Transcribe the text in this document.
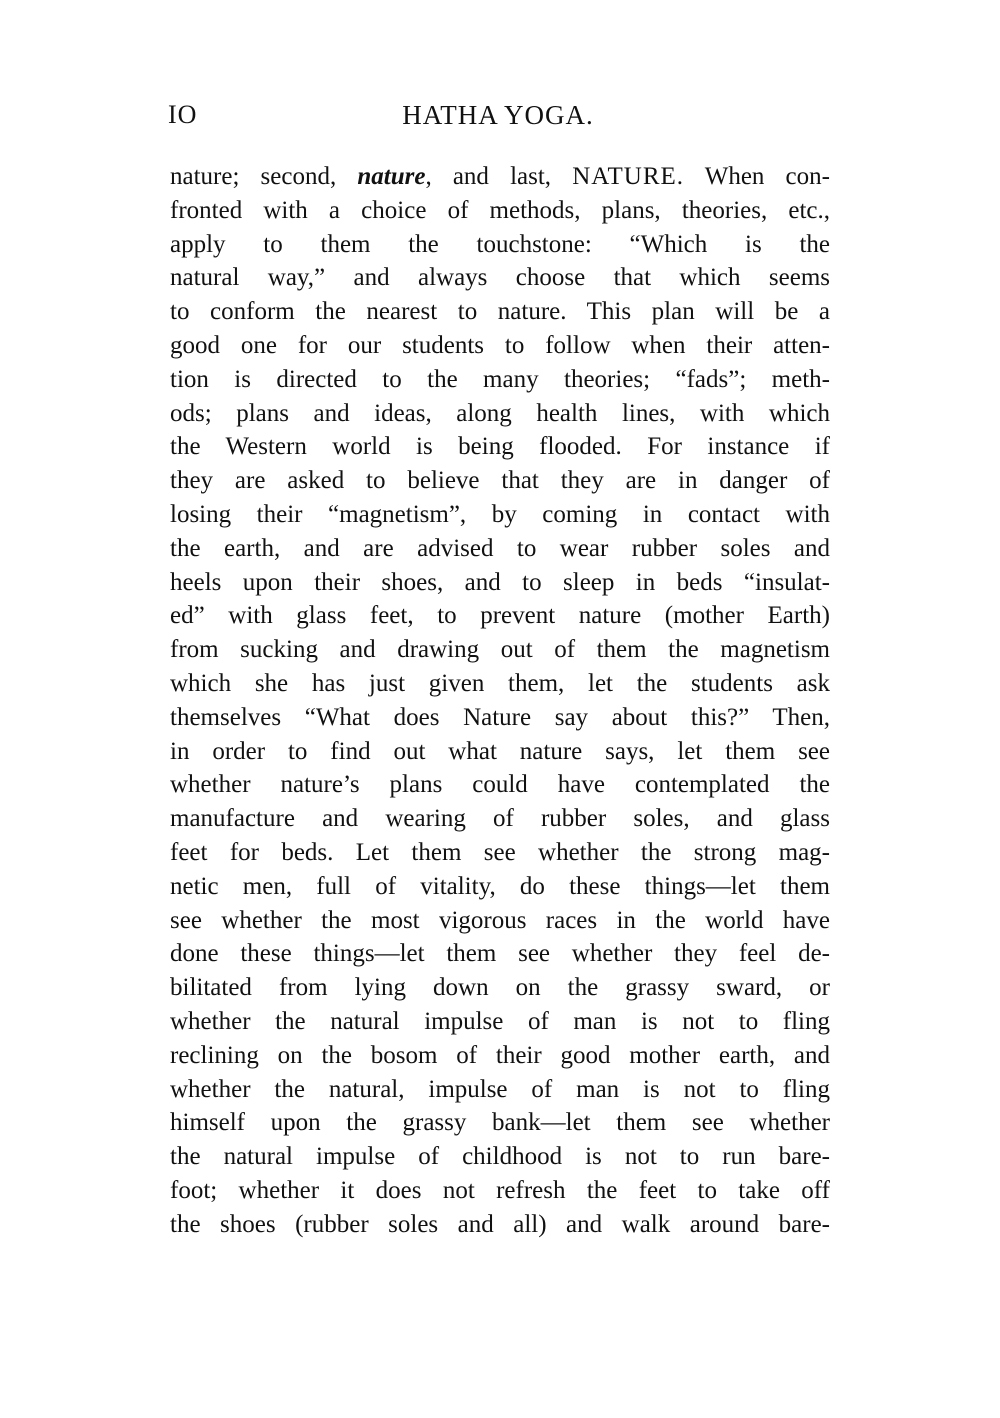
IO	HATHA YOGA.
nature; second, nature, and last, NATURE. When con-
fronted with a choice of methods, plans, theories, etc.,
apply to them the touchstone: “Which is the
natural way,” and always choose that which seems
to conform the nearest to nature. This plan will be a
good one for our students to follow when their atten-
tion is directed to the many theories; “fads”; meth-
ods; plans and ideas, along health lines, with which
the Western world is being flooded. For instance if
they are asked to believe that they are in danger of
losing their “magnetism”, by coming in contact with
the earth, and are advised to wear rubber soles and
heels upon their shoes, and to sleep in beds “insulat-
ed” with glass feet, to prevent nature (mother Earth)
from sucking and drawing out of them the magnetism
which she has just given them, let the students ask
themselves “What does Nature say about this?” Then,
in order to find out what nature says, let them see
whether nature’s plans could have contemplated the
manufacture and wearing of rubber soles, and glass
feet for beds. Let them see whether the strong mag-
netic men, full of vitality, do these things—let them
see whether the most vigorous races in the world have
done these things—let them see whether they feel de-
bilitated from lying down on the grassy sward, or
whether the natural impulse of man is not to fling
reclining on the bosom of their good mother earth, and
whether the natural, impulse of man is not to fling
himself upon the grassy bank—let them see whether
the natural impulse of childhood is not to run bare-
foot; whether it does not refresh the feet to take off
the shoes (rubber soles and all) and walk around bare-
